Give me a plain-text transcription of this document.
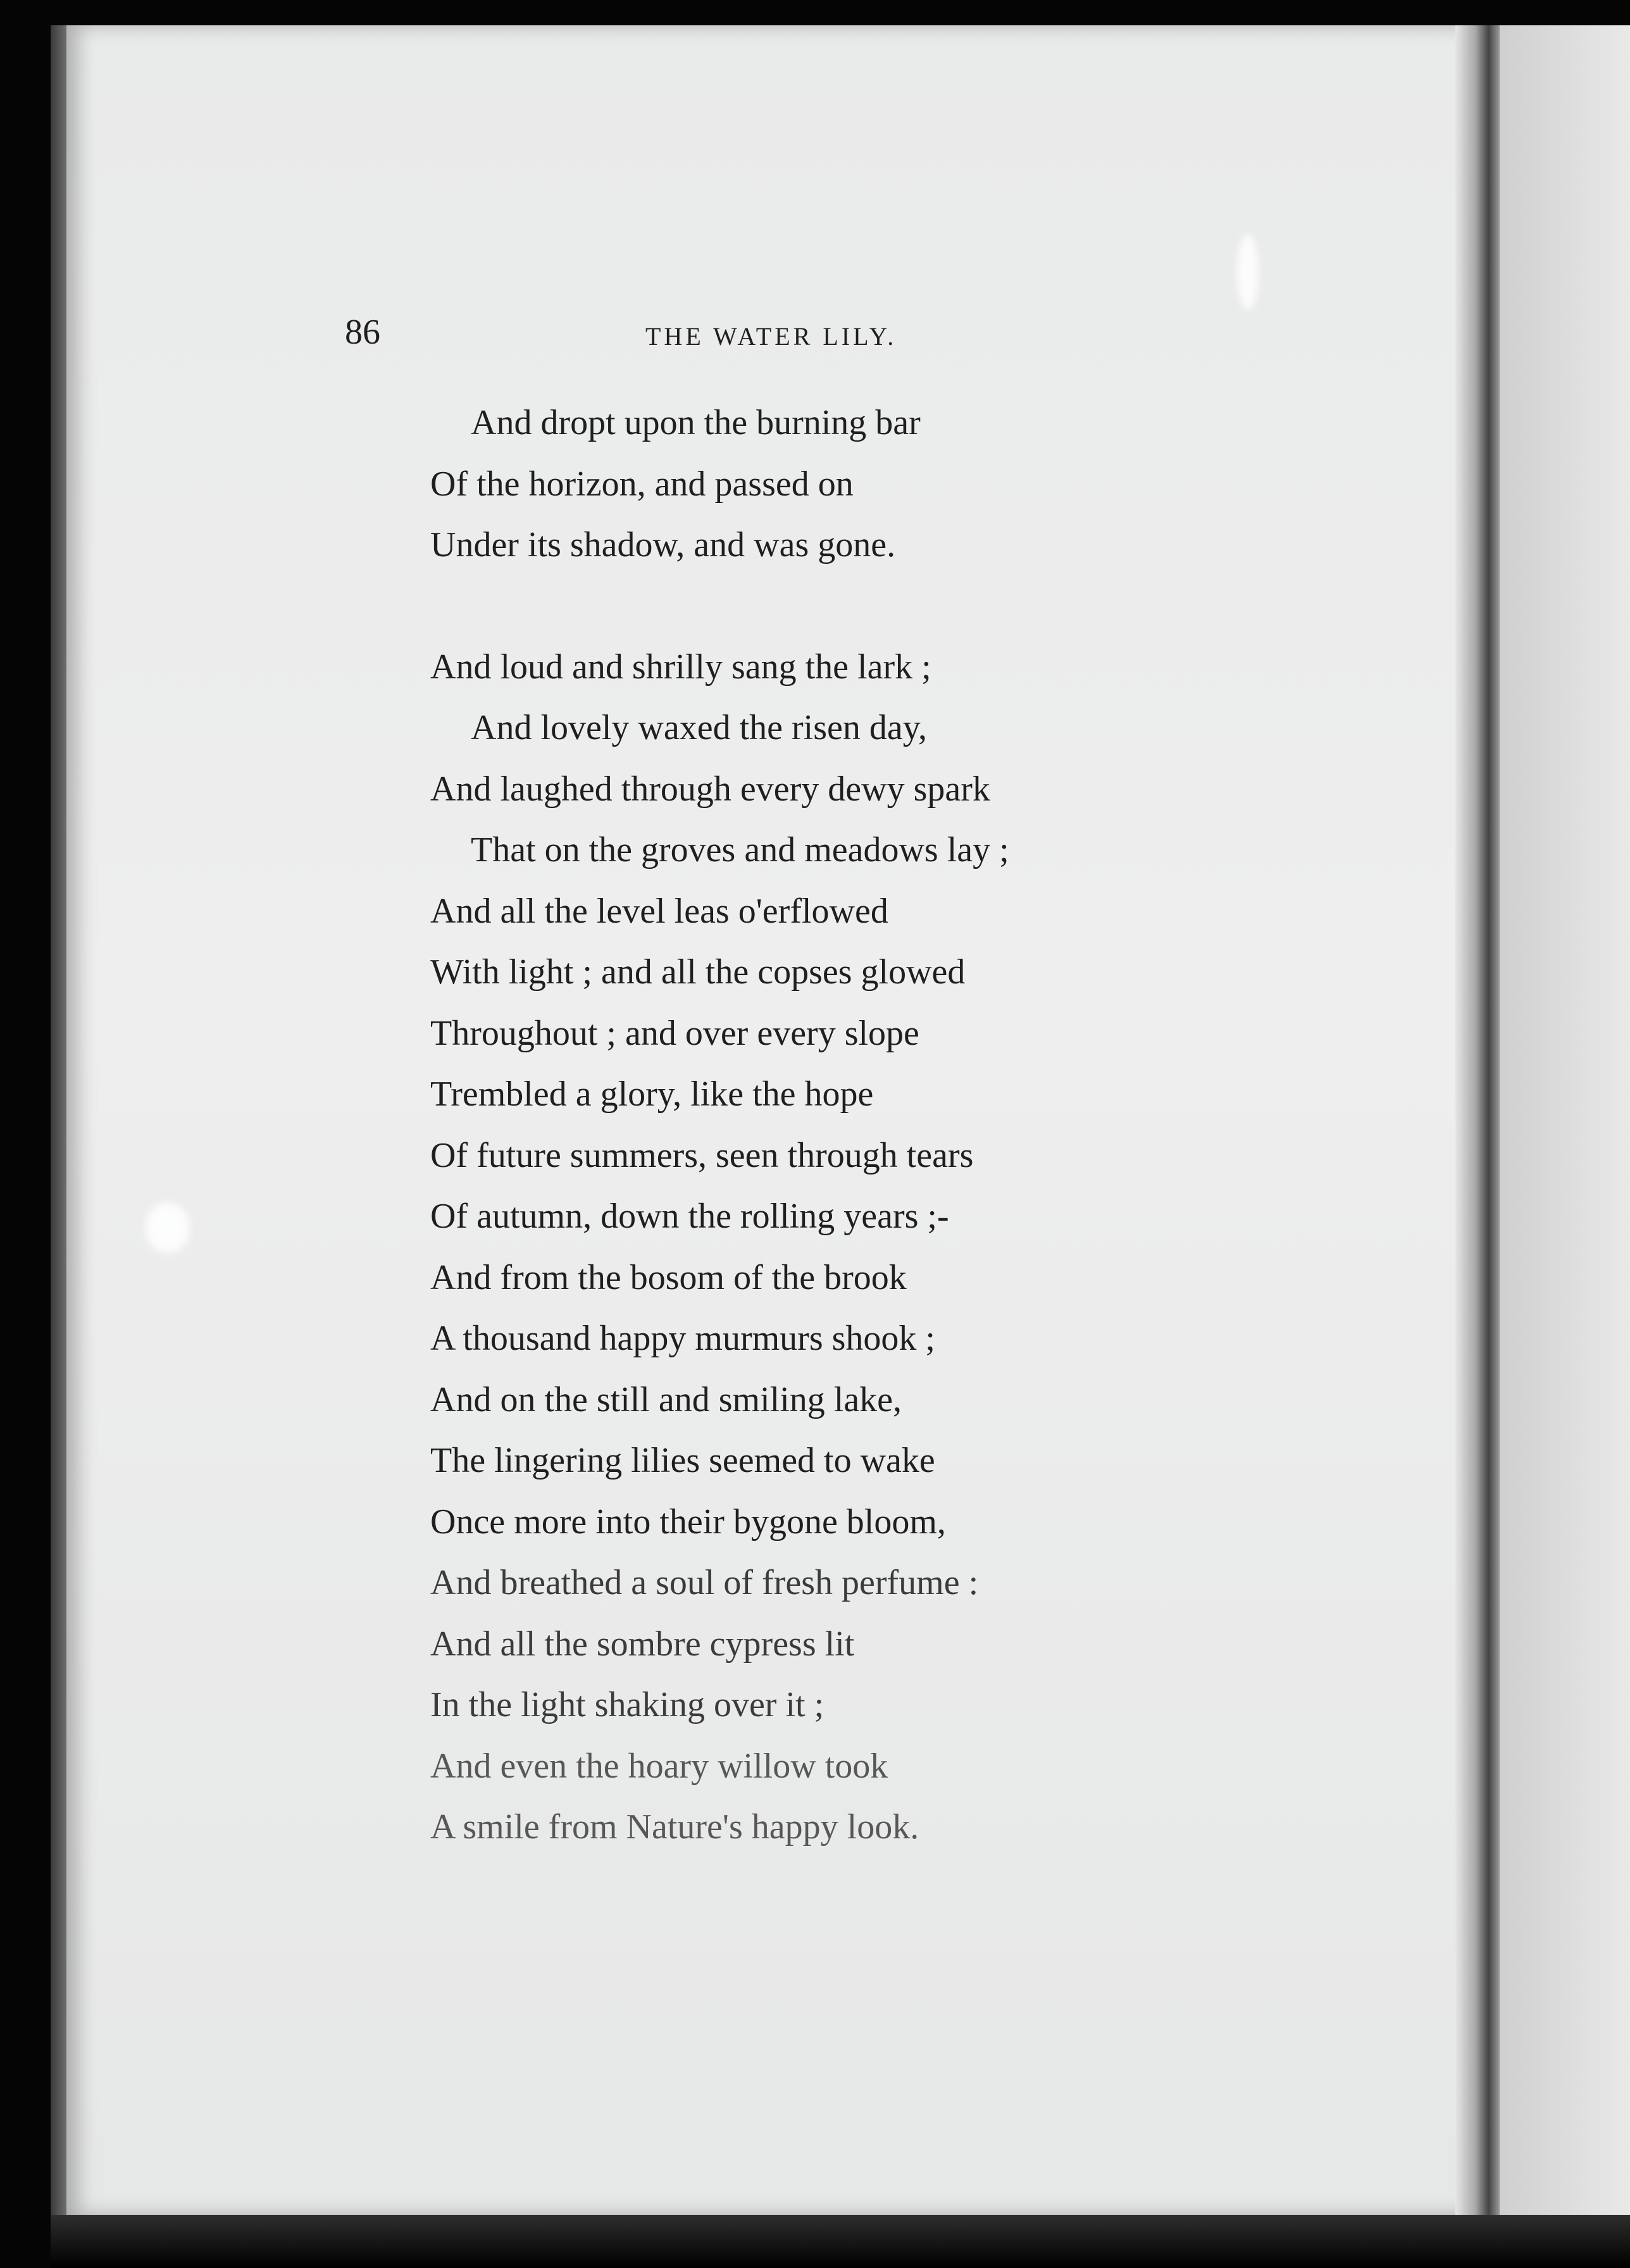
86	THE WATER LILY.
And dropt upon the burning bar
Of the horizon, and passed on
Under its shadow, and was gone.
And loud and shrilly sang the lark ;
And lovely waxed the risen day,
And laughed through every dewy spark
That on the groves and meadows lay ;
And all the level leas o'erflowed
With light ; and all the copses glowed
Throughout ; and over every slope
Trembled a glory, like the hope
Of future summers, seen through tears
Of autumn, down the rolling years ;-
And from the bosom of the brook
A thousand happy murmurs shook ;
And on the still and smiling lake,
The lingering lilies seemed to wake
Once more into their bygone bloom,
And breathed a soul of fresh perfume :
And all the sombre cypress lit
In the light shaking over it ;
And even the hoary willow took
A smile from Nature's happy look.
